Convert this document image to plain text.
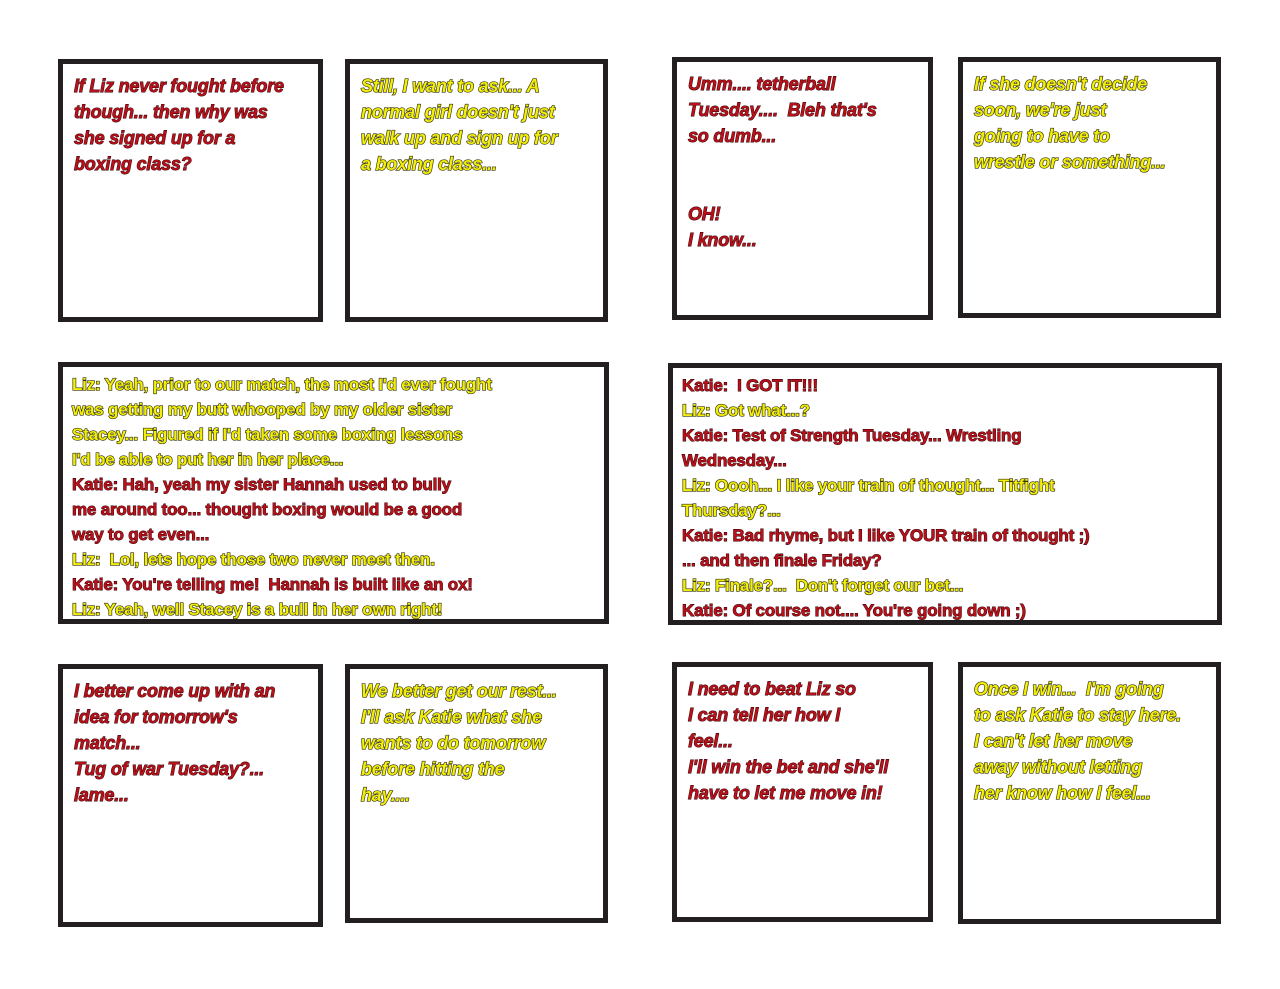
If Liz never fought before
though... then why was
she signed up for a
boxing class?
Still, I want to ask... A
normal girl doesn't just
walk up and sign up for
a boxing class...
Umm.... tetherball
Tuesday....  Bleh that's
so dumb...

OH!
I know...
If she doesn't decide
soon, we're just
going to have to
wrestle or something...
Liz: Yeah, prior to our match, the most I'd ever fought
was getting my butt whooped by my older sister
Stacey... Figured if I'd taken some boxing lessons
I'd be able to put her in her place...
Katie: Hah, yeah my sister Hannah used to bully
me around too... thought boxing would be a good
way to get even...
Liz:  Lol, lets hope those two never meet then.
Katie: You're telling me!  Hannah is built like an ox!
Liz: Yeah, well Stacey is a bull in her own right!
Katie:  I GOT IT!!!
Liz: Got what...?
Katie: Test of Strength Tuesday... Wrestling
Wednesday...
Liz: Oooh... I like your train of thought... Titfight
Thursday?...
Katie: Bad rhyme, but I like YOUR train of thought ;)
... and then finale Friday?
Liz: Finale?...  Don't forget our bet...
Katie: Of course not.... You're going down ;)
I better come up with an
idea for tomorrow's
match...
Tug of war Tuesday?...
lame...
We better get our rest...
I'll ask Katie what she
wants to do tomorrow
before hitting the
hay....
I need to beat Liz so
I can tell her how I
feel...
I'll win the bet and she'll
have to let me move in!
Once I win...  I'm going
to ask Katie to stay here.
I can't let her move
away without letting
her know how I feel...
